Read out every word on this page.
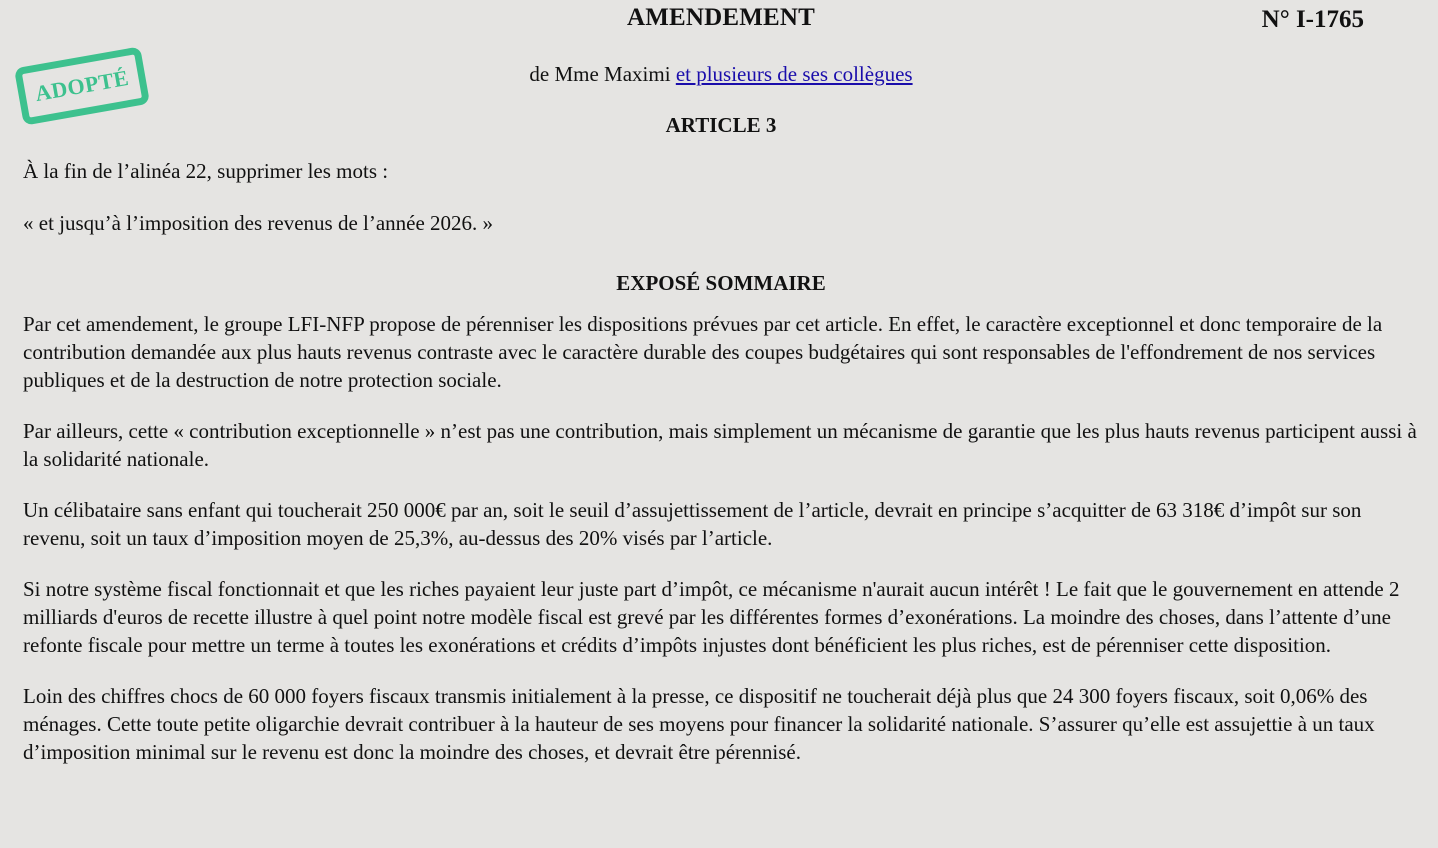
ADOPTÉ
AMENDEMENT	N° I-1765
de Mme Maximi et plusieurs de ses collègues
ARTICLE 3

À la fin de l’alinéa 22, supprimer les mots :

« et jusqu’à l’imposition des revenus de l’année 2026. »

EXPOSÉ SOMMAIRE

Par cet amendement, le groupe LFI-NFP propose de pérenniser les dispositions prévues par cet article. En effet, le caractère exceptionnel et donc temporaire de la contribution demandée aux plus hauts revenus contraste avec le caractère durable des coupes budgétaires qui sont responsables de l'effondrement de nos services publiques et de la destruction de notre protection sociale.

Par ailleurs, cette « contribution exceptionnelle » n’est pas une contribution, mais simplement un mécanisme de garantie que les plus hauts revenus participent aussi à la solidarité nationale.

Un célibataire sans enfant qui toucherait 250 000€ par an, soit le seuil d’assujettissement de l’article, devrait en principe s’acquitter de 63 318€ d’impôt sur son revenu, soit un taux d’imposition moyen de 25,3%, au-dessus des 20% visés par l’article.

Si notre système fiscal fonctionnait et que les riches payaient leur juste part d’impôt, ce mécanisme n'aurait aucun intérêt ! Le fait que le gouvernement en attende 2 milliards d'euros de recette illustre à quel point notre modèle fiscal est grevé par les différentes formes d’exonérations. La moindre des choses, dans l’attente d’une refonte fiscale pour mettre un terme à toutes les exonérations et crédits d’impôts injustes dont bénéficient les plus riches, est de pérenniser cette disposition.

Loin des chiffres chocs de 60 000 foyers fiscaux transmis initialement à la presse, ce dispositif ne toucherait déjà plus que 24 300 foyers fiscaux, soit 0,06% des ménages. Cette toute petite oligarchie devrait contribuer à la hauteur de ses moyens pour financer la solidarité nationale. S’assurer qu’elle est assujettie à un taux d’imposition minimal sur le revenu est donc la moindre des choses, et devrait être pérennisé.
